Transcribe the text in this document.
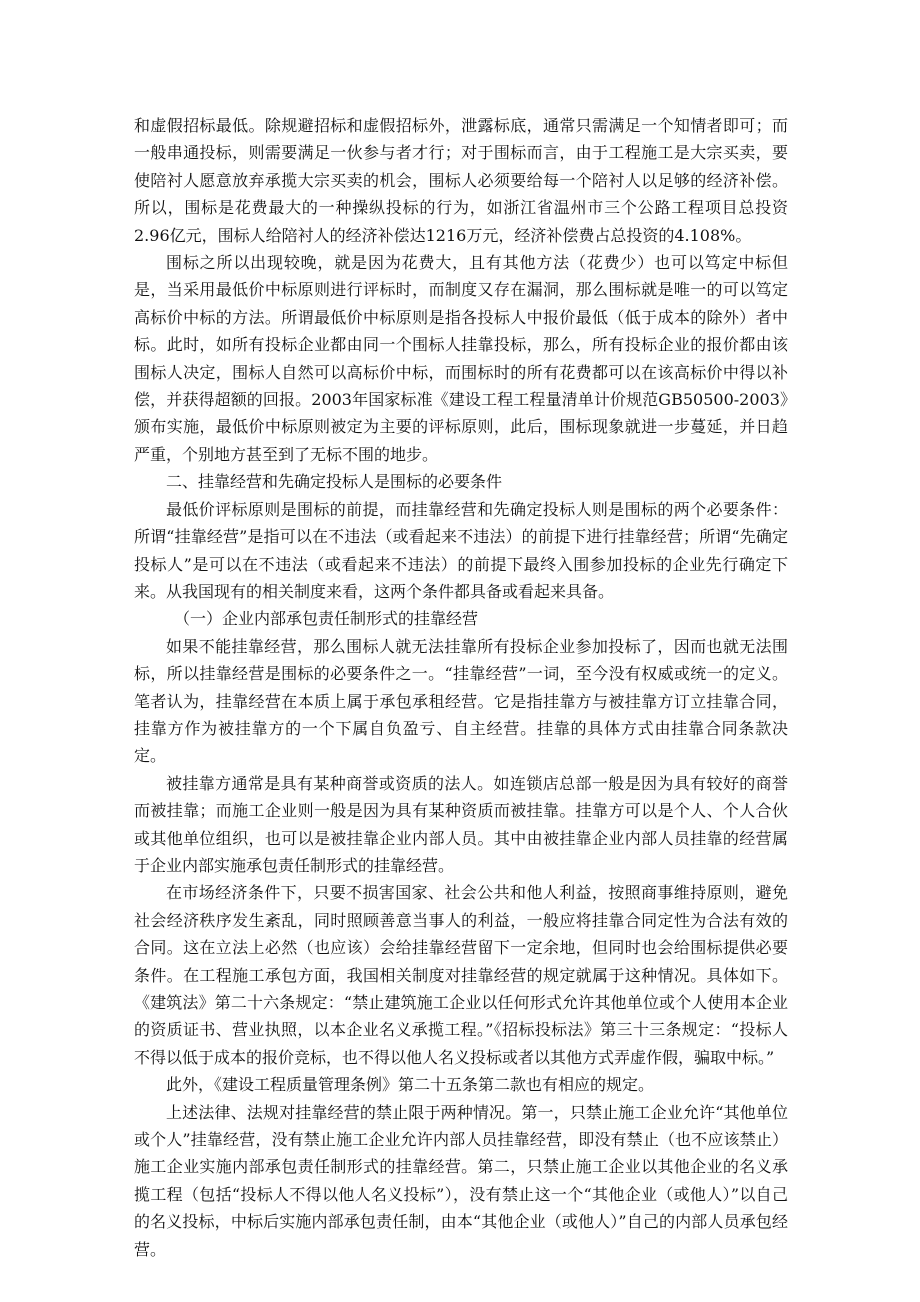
和虚假招标最低。除规避招标和虚假招标外，泄露标底，通常只需满足一个知情者即可；而一般串通投标，则需要满足一伙参与者才行；对于围标而言，由于工程施工是大宗买卖，要使陪衬人愿意放弃承揽大宗买卖的机会，围标人必须要给每一个陪衬人以足够的经济补偿。所以，围标是花费最大的一种操纵投标的行为，如浙江省温州市三个公路工程项目总投资2.96亿元，围标人给陪衬人的经济补偿达1216万元，经济补偿费占总投资的4.108%。

围标之所以出现较晚，就是因为花费大，且有其他方法（花费少）也可以笃定中标但是，当采用最低价中标原则进行评标时，而制度又存在漏洞，那么围标就是唯一的可以笃定高标价中标的方法。所谓最低价中标原则是指各投标人中报价最低（低于成本的除外）者中标。此时，如所有投标企业都由同一个围标人挂靠投标，那么，所有投标企业的报价都由该围标人决定，围标人自然可以高标价中标，而围标时的所有花费都可以在该高标价中得以补偿，并获得超额的回报。2003年国家标准《建设工程工程量清单计价规范GB50500-2003》颁布实施，最低价中标原则被定为主要的评标原则，此后，围标现象就进一步蔓延，并日趋严重，个别地方甚至到了无标不围的地步。

二、挂靠经营和先确定投标人是围标的必要条件

最低价评标原则是围标的前提，而挂靠经营和先确定投标人则是围标的两个必要条件：所谓“挂靠经营”是指可以在不违法（或看起来不违法）的前提下进行挂靠经营；所谓“先确定投标人”是可以在不违法（或看起来不违法）的前提下最终入围参加投标的企业先行确定下来。从我国现有的相关制度来看，这两个条件都具备或看起来具备。

（一）企业内部承包责任制形式的挂靠经营

如果不能挂靠经营，那么围标人就无法挂靠所有投标企业参加投标了，因而也就无法围标，所以挂靠经营是围标的必要条件之一。“挂靠经营”一词，至今没有权威或统一的定义。笔者认为，挂靠经营在本质上属于承包承租经营。它是指挂靠方与被挂靠方订立挂靠合同，挂靠方作为被挂靠方的一个下属自负盈亏、自主经营。挂靠的具体方式由挂靠合同条款决定。

被挂靠方通常是具有某种商誉或资质的法人。如连锁店总部一般是因为具有较好的商誉而被挂靠；而施工企业则一般是因为具有某种资质而被挂靠。挂靠方可以是个人、个人合伙或其他单位组织，也可以是被挂靠企业内部人员。其中由被挂靠企业内部人员挂靠的经营属于企业内部实施承包责任制形式的挂靠经营。

在市场经济条件下，只要不损害国家、社会公共和他人利益，按照商事维持原则，避免社会经济秩序发生紊乱，同时照顾善意当事人的利益，一般应将挂靠合同定性为合法有效的合同。这在立法上必然（也应该）会给挂靠经营留下一定余地，但同时也会给围标提供必要条件。在工程施工承包方面，我国相关制度对挂靠经营的规定就属于这种情况。具体如下。《建筑法》第二十六条规定：“禁止建筑施工企业以任何形式允许其他单位或个人使用本企业的资质证书、营业执照，以本企业名义承揽工程。”《招标投标法》第三十三条规定：“投标人不得以低于成本的报价竞标，也不得以他人名义投标或者以其他方式弄虚作假，骗取中标。”

此外，《建设工程质量管理条例》第二十五条第二款也有相应的规定。

上述法律、法规对挂靠经营的禁止限于两种情况。第一，只禁止施工企业允许“其他单位或个人”挂靠经营，没有禁止施工企业允许内部人员挂靠经营，即没有禁止（也不应该禁止）施工企业实施内部承包责任制形式的挂靠经营。第二，只禁止施工企业以其他企业的名义承揽工程（包括“投标人不得以他人名义投标”），没有禁止这一个“其他企业（或他人）”以自己的名义投标，中标后实施内部承包责任制，由本“其他企业（或他人）”自己的内部人员承包经营。
